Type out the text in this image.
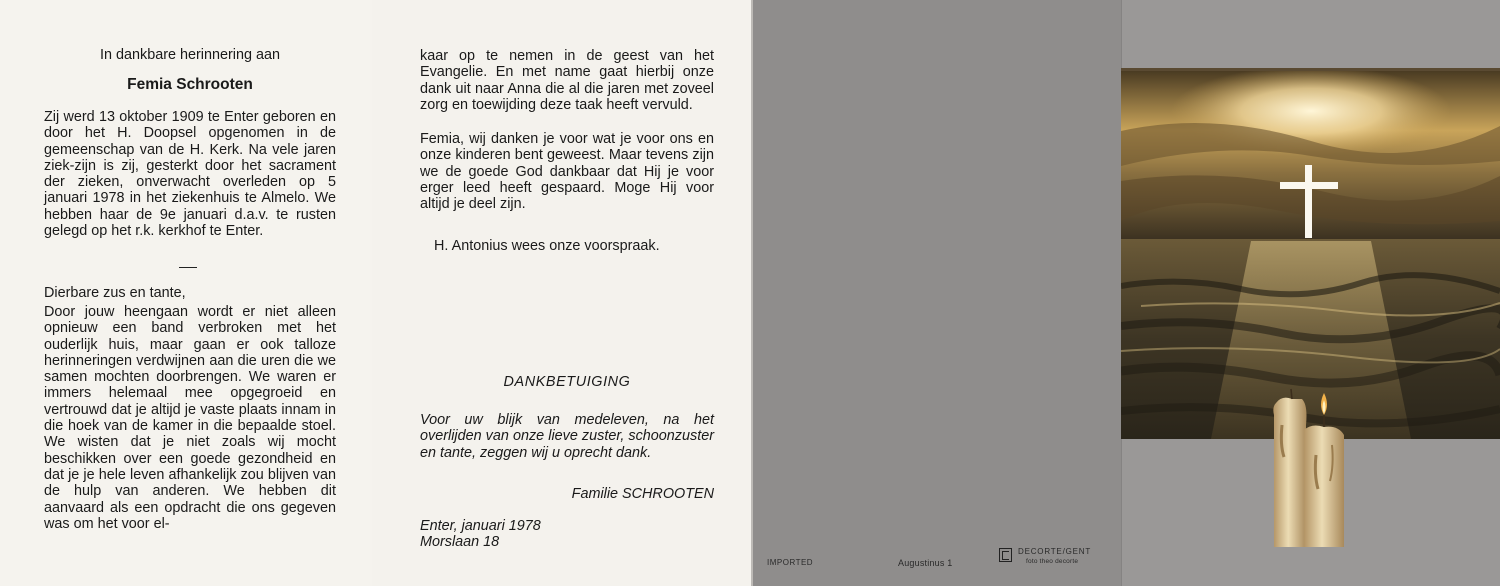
In dankbare herinnering aan
Femia Schrooten
Zij werd 13 oktober 1909 te Enter geboren en door het H. Doopsel opgenomen in de gemeenschap van de H. Kerk. Na vele jaren ziek-zijn is zij, gesterkt door het sacrament der zieken, onverwacht overleden op 5 januari 1978 in het ziekenhuis te Almelo. We hebben haar de 9e januari d.a.v. te rusten gelegd op het r.k. kerkhof te Enter.
Dierbare zus en tante,
Door jouw heengaan wordt er niet alleen opnieuw een band verbroken met het ouderlijk huis, maar gaan er ook talloze herinneringen verdwijnen aan die uren die we samen mochten doorbrengen. We waren er immers helemaal mee opgegroeid en vertrouwd dat je altijd je vaste plaats innam in die hoek van de kamer in die bepaalde stoel. We wisten dat je niet zoals wij mocht beschikken over een goede gezondheid en dat je je hele leven afhankelijk zou blijven van de hulp van anderen. We hebben dit aanvaard als een opdracht die ons gegeven was om het voor el-
kaar op te nemen in de geest van het Evangelie. En met name gaat hierbij onze dank uit naar Anna die al die jaren met zoveel zorg en toewijding deze taak heeft vervuld.
Femia, wij danken je voor wat je voor ons en onze kinderen bent geweest. Maar tevens zijn we de goede God dankbaar dat Hij je voor erger leed heeft gespaard. Moge Hij voor altijd je deel zijn.
H. Antonius wees onze voorspraak.
DANKBETUIGING
Voor uw blijk van medeleven, na het overlijden van onze lieve zuster, schoonzuster en tante, zeggen wij u oprecht dank.
Familie SCHROOTEN
Enter, januari 1978
Morslaan 18
IMPORTED	Augustinus 1
DECORTE/GENT
foto theo decorte
